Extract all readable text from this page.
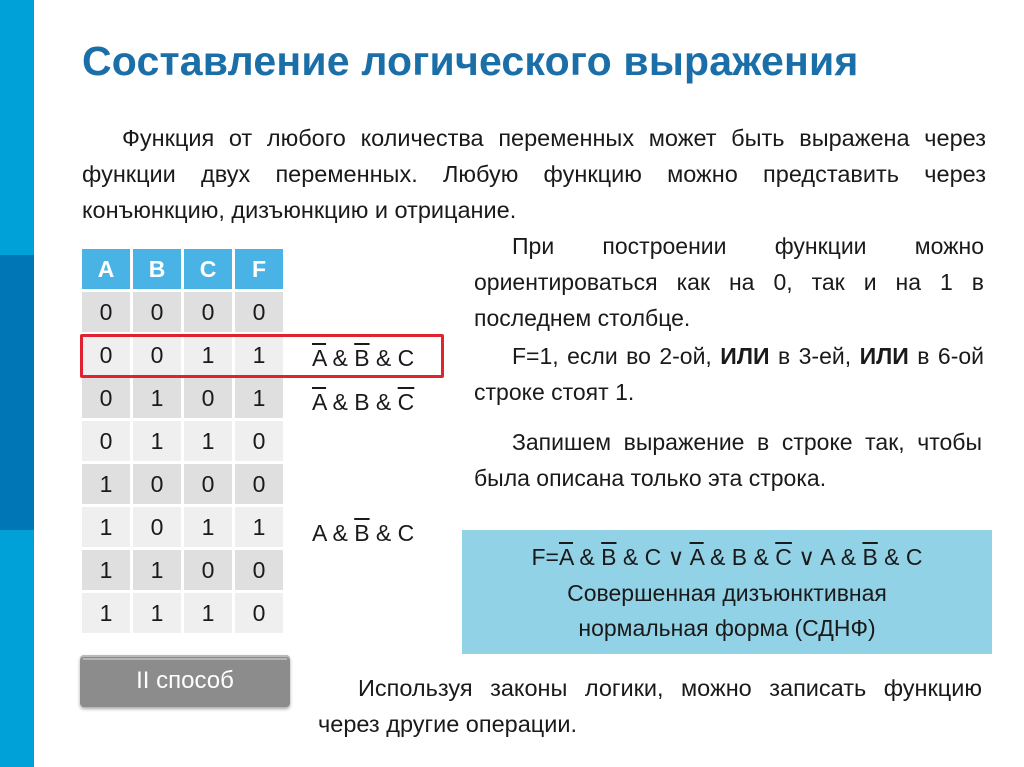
Составление логического выражения
Функция от любого количества переменных может быть выражена через функции двух переменных. Любую функцию можно представить через конъюнкцию, дизъюнкцию и отрицание.
A	B	C	F
0	0	0	0
0	0	1	1
0	1	0	1
0	1	1	0
1	0	0	0
1	0	1	1
1	1	0	0
1	1	1	0
$\overline{A}$ & $\overline{B}$ & C
$\overline{A}$ & B & $\overline{C}$
A & $\overline{B}$ & C
При построении функции можно ориентироваться как на 0, так и на 1 в последнем столбце.
F=1, если во 2-ой, ИЛИ в 3-ей, ИЛИ в 6-ой строке стоят 1.
Запишем выражение в строке так, чтобы была описана только эта строка.
$F=\overline{A}$ & $\overline{B}$ & C ∨ $\overline{A}$ & B & $\overline{C}$ ∨ A & $\overline{B}$ & C
Совершенная дизъюнктивная
нормальная форма (СДНФ)
II способ	Используя законы логики, можно записать функцию через другие операции.
